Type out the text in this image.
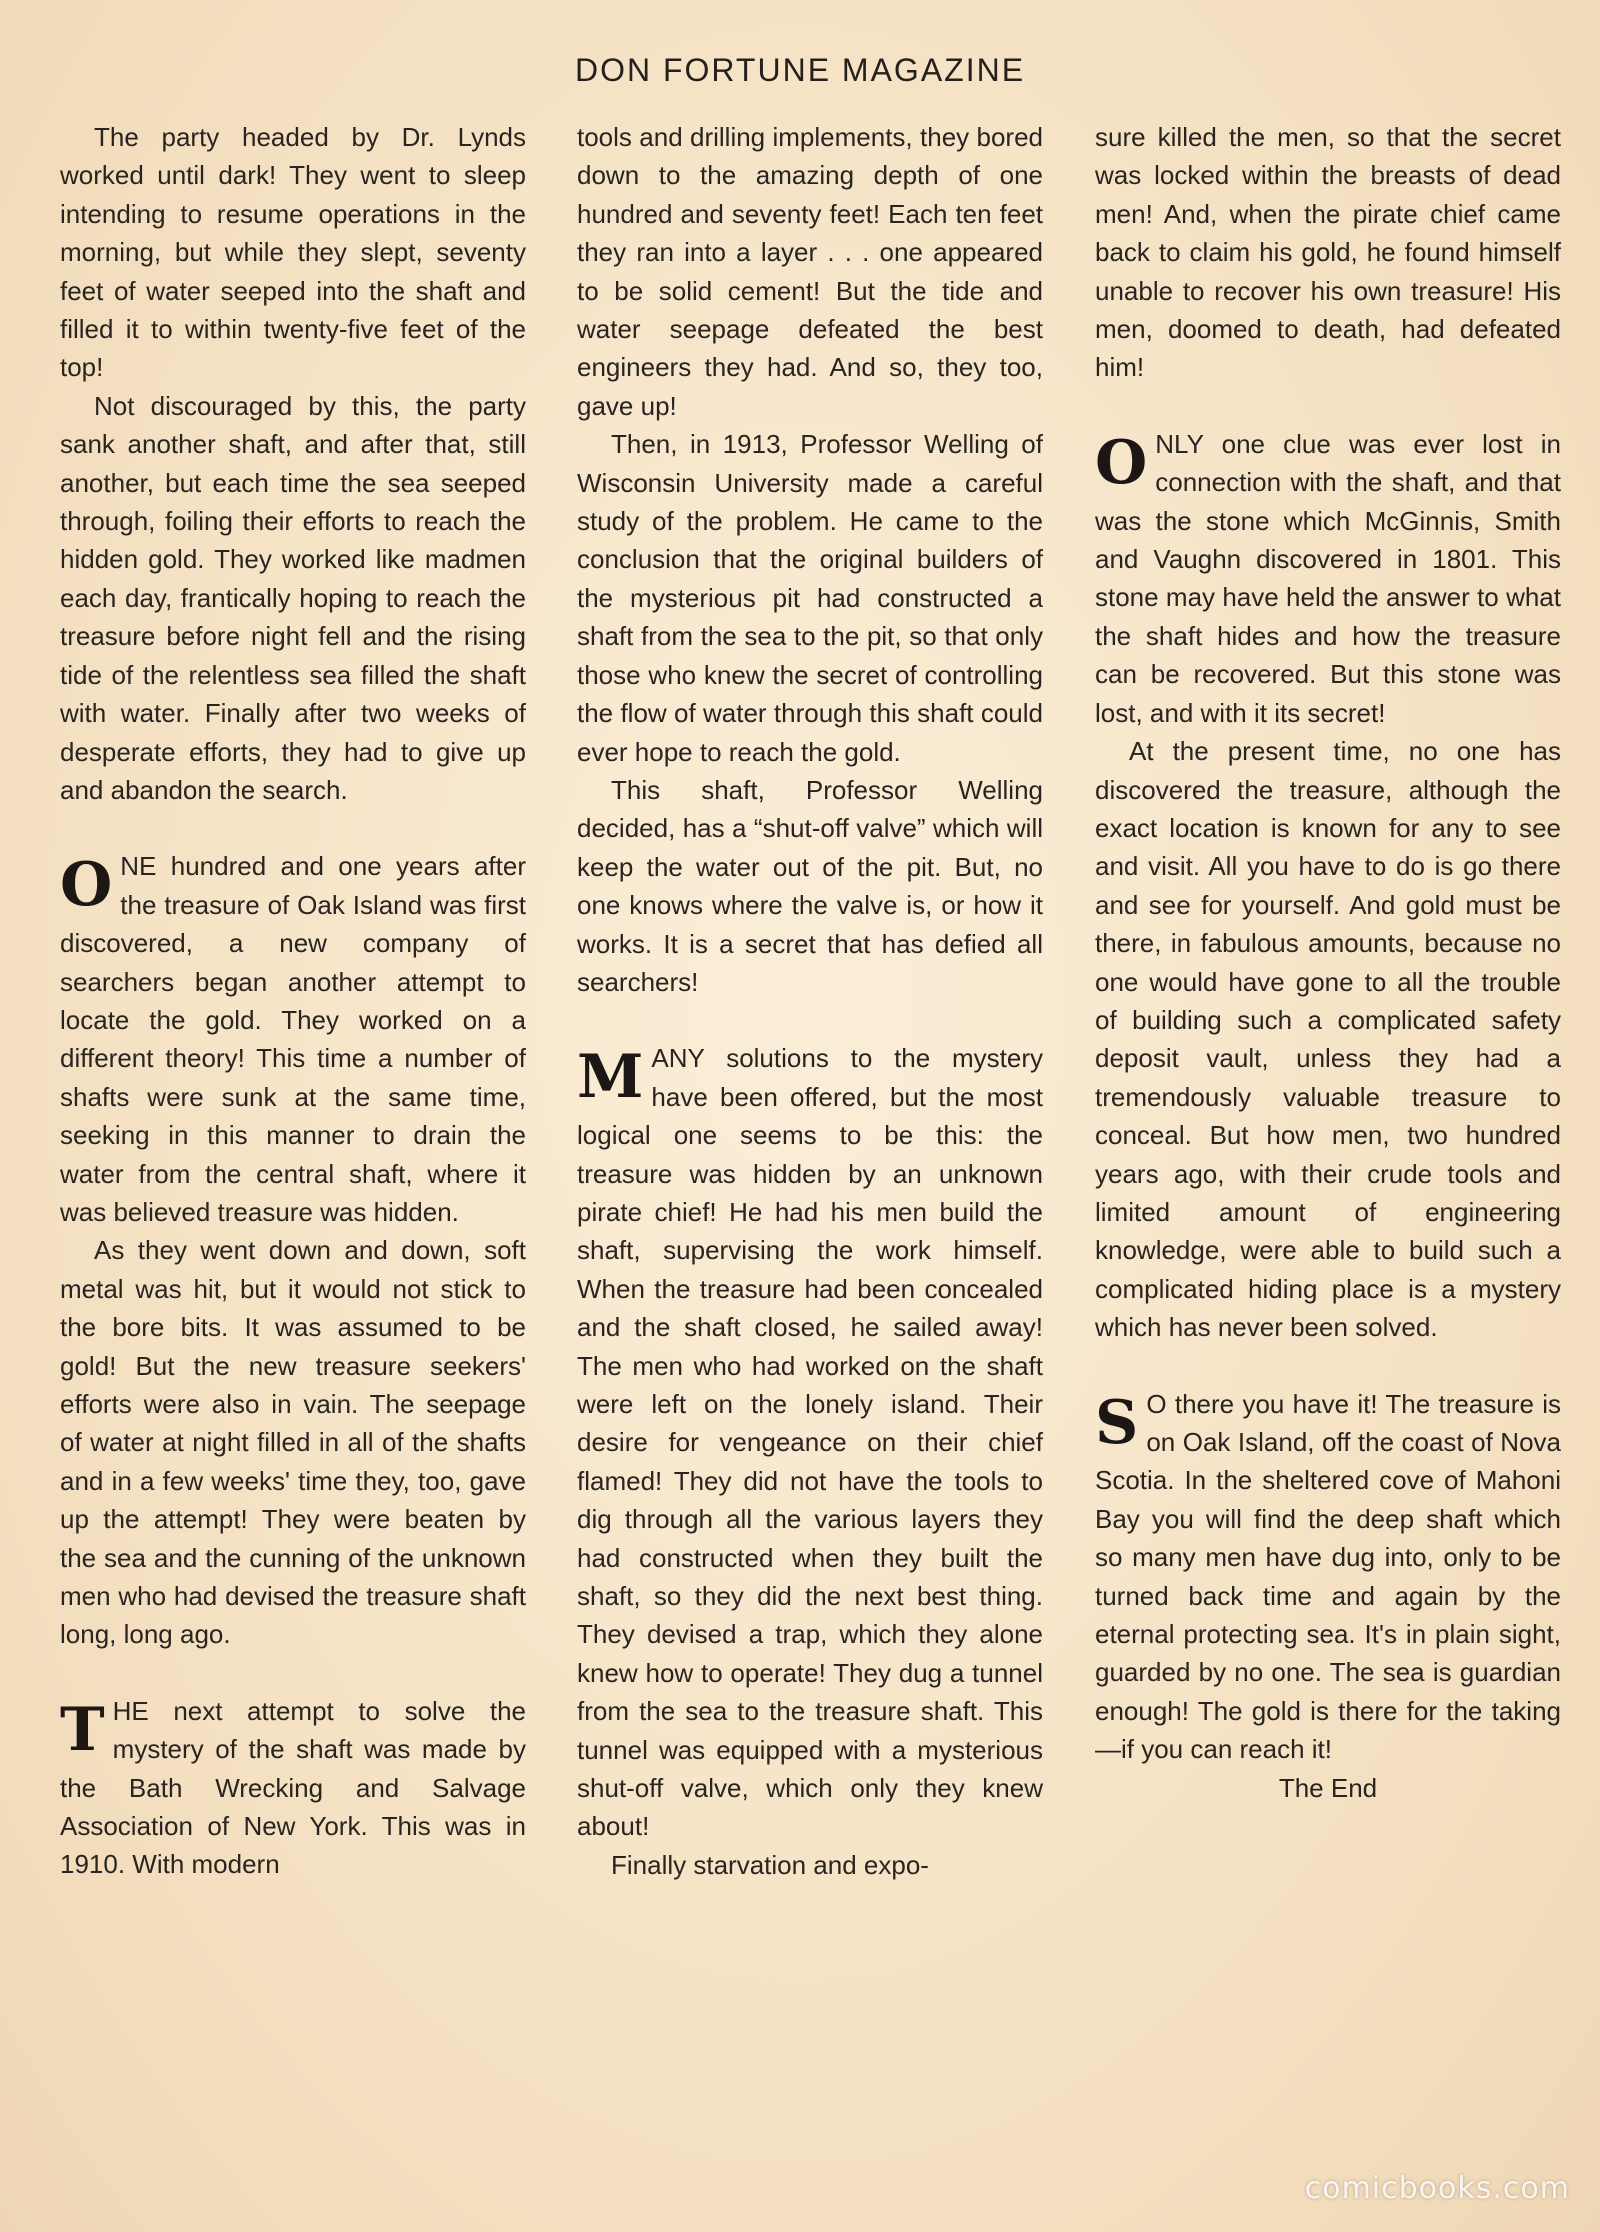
DON FORTUNE MAGAZINE

The party headed by Dr. Lynds worked until dark! They went to sleep intending to resume operations in the morning, but while they slept, seventy feet of water seeped into the shaft and filled it to within twenty-five feet of the top!

Not discouraged by this, the party sank another shaft, and after that, still another, but each time the sea seeped through, foiling their efforts to reach the hidden gold. They worked like madmen each day, frantically hoping to reach the treasure before night fell and the rising tide of the relentless sea filled the shaft with water. Finally after two weeks of desperate efforts, they had to give up and abandon the search.

ONE hundred and one years after the treasure of Oak Island was first discovered, a new company of searchers began another attempt to locate the gold. They worked on a different theory! This time a number of shafts were sunk at the same time, seeking in this manner to drain the water from the central shaft, where it was believed treasure was hidden.

As they went down and down, soft metal was hit, but it would not stick to the bore bits. It was assumed to be gold! But the new treasure seekers' efforts were also in vain. The seepage of water at night filled in all of the shafts and in a few weeks' time they, too, gave up the attempt! They were beaten by the sea and the cunning of the unknown men who had devised the treasure shaft long, long ago.

THE next attempt to solve the mystery of the shaft was made by the Bath Wrecking and Salvage Association of New York. This was in 1910. With modern

tools and drilling implements, they bored down to the amazing depth of one hundred and seventy feet! Each ten feet they ran into a layer . . . one appeared to be solid cement! But the tide and water seepage defeated the best engineers they had. And so, they too, gave up!

Then, in 1913, Professor Welling of Wisconsin University made a careful study of the problem. He came to the conclusion that the original builders of the mysterious pit had constructed a shaft from the sea to the pit, so that only those who knew the secret of controlling the flow of water through this shaft could ever hope to reach the gold.

This shaft, Professor Welling decided, has a “shut-off valve” which will keep the water out of the pit. But, no one knows where the valve is, or how it works. It is a secret that has defied all searchers!

MANY solutions to the mystery have been offered, but the most logical one seems to be this: the treasure was hidden by an unknown pirate chief! He had his men build the shaft, supervising the work himself. When the treasure had been concealed and the shaft closed, he sailed away! The men who had worked on the shaft were left on the lonely island. Their desire for vengeance on their chief flamed! They did not have the tools to dig through all the various layers they had constructed when they built the shaft, so they did the next best thing. They devised a trap, which they alone knew how to operate! They dug a tunnel from the sea to the treasure shaft. This tunnel was equipped with a mysterious shut-off valve, which only they knew about!

Finally starvation and expo-

sure killed the men, so that the secret was locked within the breasts of dead men! And, when the pirate chief came back to claim his gold, he found himself unable to recover his own treasure! His men, doomed to death, had defeated him!

ONLY one clue was ever lost in connection with the shaft, and that was the stone which McGinnis, Smith and Vaughn discovered in 1801. This stone may have held the answer to what the shaft hides and how the treasure can be recovered. But this stone was lost, and with it its secret!

At the present time, no one has discovered the treasure, although the exact location is known for any to see and visit. All you have to do is go there and see for yourself. And gold must be there, in fabulous amounts, because no one would have gone to all the trouble of building such a complicated safety deposit vault, unless they had a tremendously valuable treasure to conceal. But how men, two hundred years ago, with their crude tools and limited amount of engineering knowledge, were able to build such a complicated hiding place is a mystery which has never been solved.

S O there you have it! The treasure is on Oak Island, off the coast of Nova Scotia. In the sheltered cove of Mahoni Bay you will find the deep shaft which so many men have dug into, only to be turned back time and again by the eternal protecting sea. It's in plain sight, guarded by no one. The sea is guardian enough! The gold is there for the taking—if you can reach it!

The End

comicbooks.com
